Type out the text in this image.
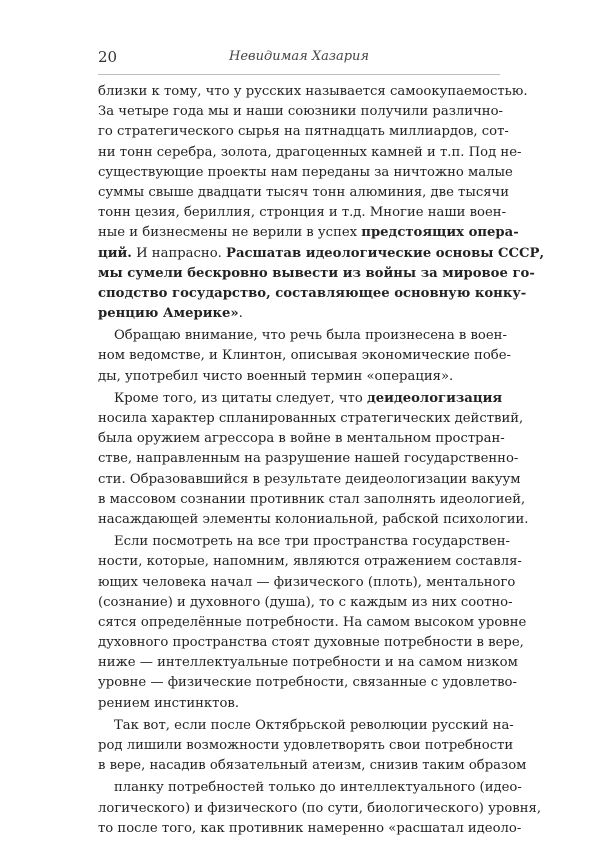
20	Невидимая Хазария
близки к тому, что у русских называется самоокупаемостью.
За четыре года мы и наши союзники получили различно-
го стратегического сырья на пятнадцать миллиардов, сот-
ни тонн серебра, золота, драгоценных камней и т.п. Под не-
существующие проекты нам переданы за ничтожно малые
суммы свыше двадцати тысяч тонн алюминия, две тысячи
тонн цезия, бериллия, стронция и т.д. Многие наши воен-
ные и бизнесмены не верили в успех предстоящих опера-
ций. И напрасно. Расшатав идеологические основы СССР,
мы сумели бескровно вывести из войны за мировое го-
сподство государство, составляющее основную конку-
ренцию Америке».
Обращаю внимание, что речь была произнесена в воен-
ном ведомстве, и Клинтон, описывая экономические побе-
ды, употребил чисто военный термин «операция».
Кроме того, из цитаты следует, что деидеологизация
носила характер спланированных стратегических действий,
была оружием агрессора в войне в ментальном простран-
стве, направленным на разрушение нашей государственно-
сти. Образовавшийся в результате деидеологизации вакуум
в массовом сознании противник стал заполнять идеологией,
насаждающей элементы колониальной, рабской психологии.
Если посмотреть на все три пространства государствен-
ности, которые, напомним, являются отражением составля-
ющих человека начал — физического (плоть), ментального
(сознание) и духовного (душа), то с каждым из них соотно-
сятся определённые потребности. На самом высоком уровне
духовного пространства стоят духовные потребности в вере,
ниже — интеллектуальные потребности и на самом низком
уровне — физические потребности, связанные с удовлетво-
рением инстинктов.
Так вот, если после Октябрьской революции русский на-
род лишили возможности удовлетворять свои потребности
в вере, насадив обязательный атеизм, снизив таким образом
планку потребностей только до интеллектуального (идео-
логического) и физического (по сути, биологического) уровня,
то после того, как противник намеренно «расшатал идеоло-
